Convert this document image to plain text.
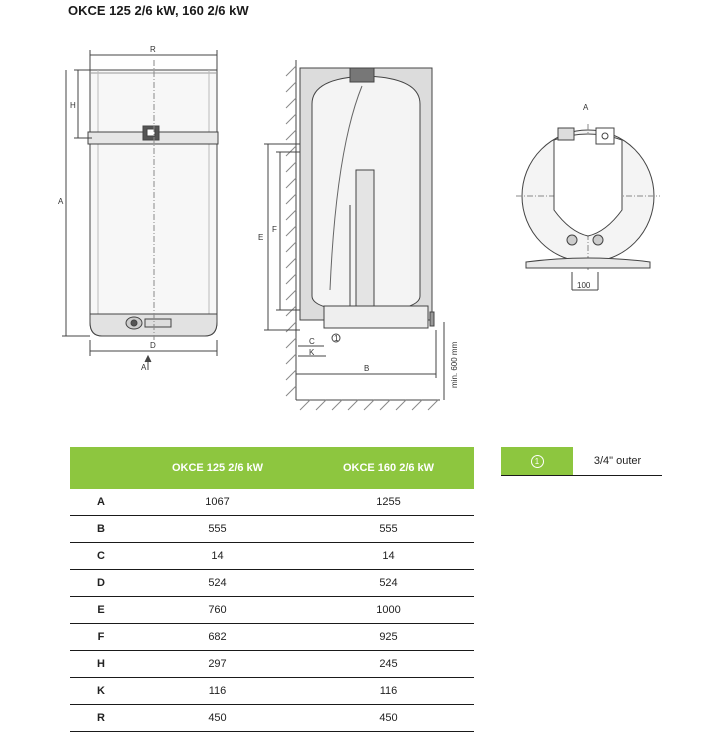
OKCE 125 2/6 kW, 160 2/6 kW
R
H
A
D
A
F
E
C
K
B
1
min. 600 mm
A
100
	OKCE 125 2/6 kW	OKCE 160 2/6 kW
A	1067	1255
B	555	555
C	14	14
D	524	524
E	760	1000
F	682	925
H	297	245
K	116	116
R	450	450
1	3/4" outer
